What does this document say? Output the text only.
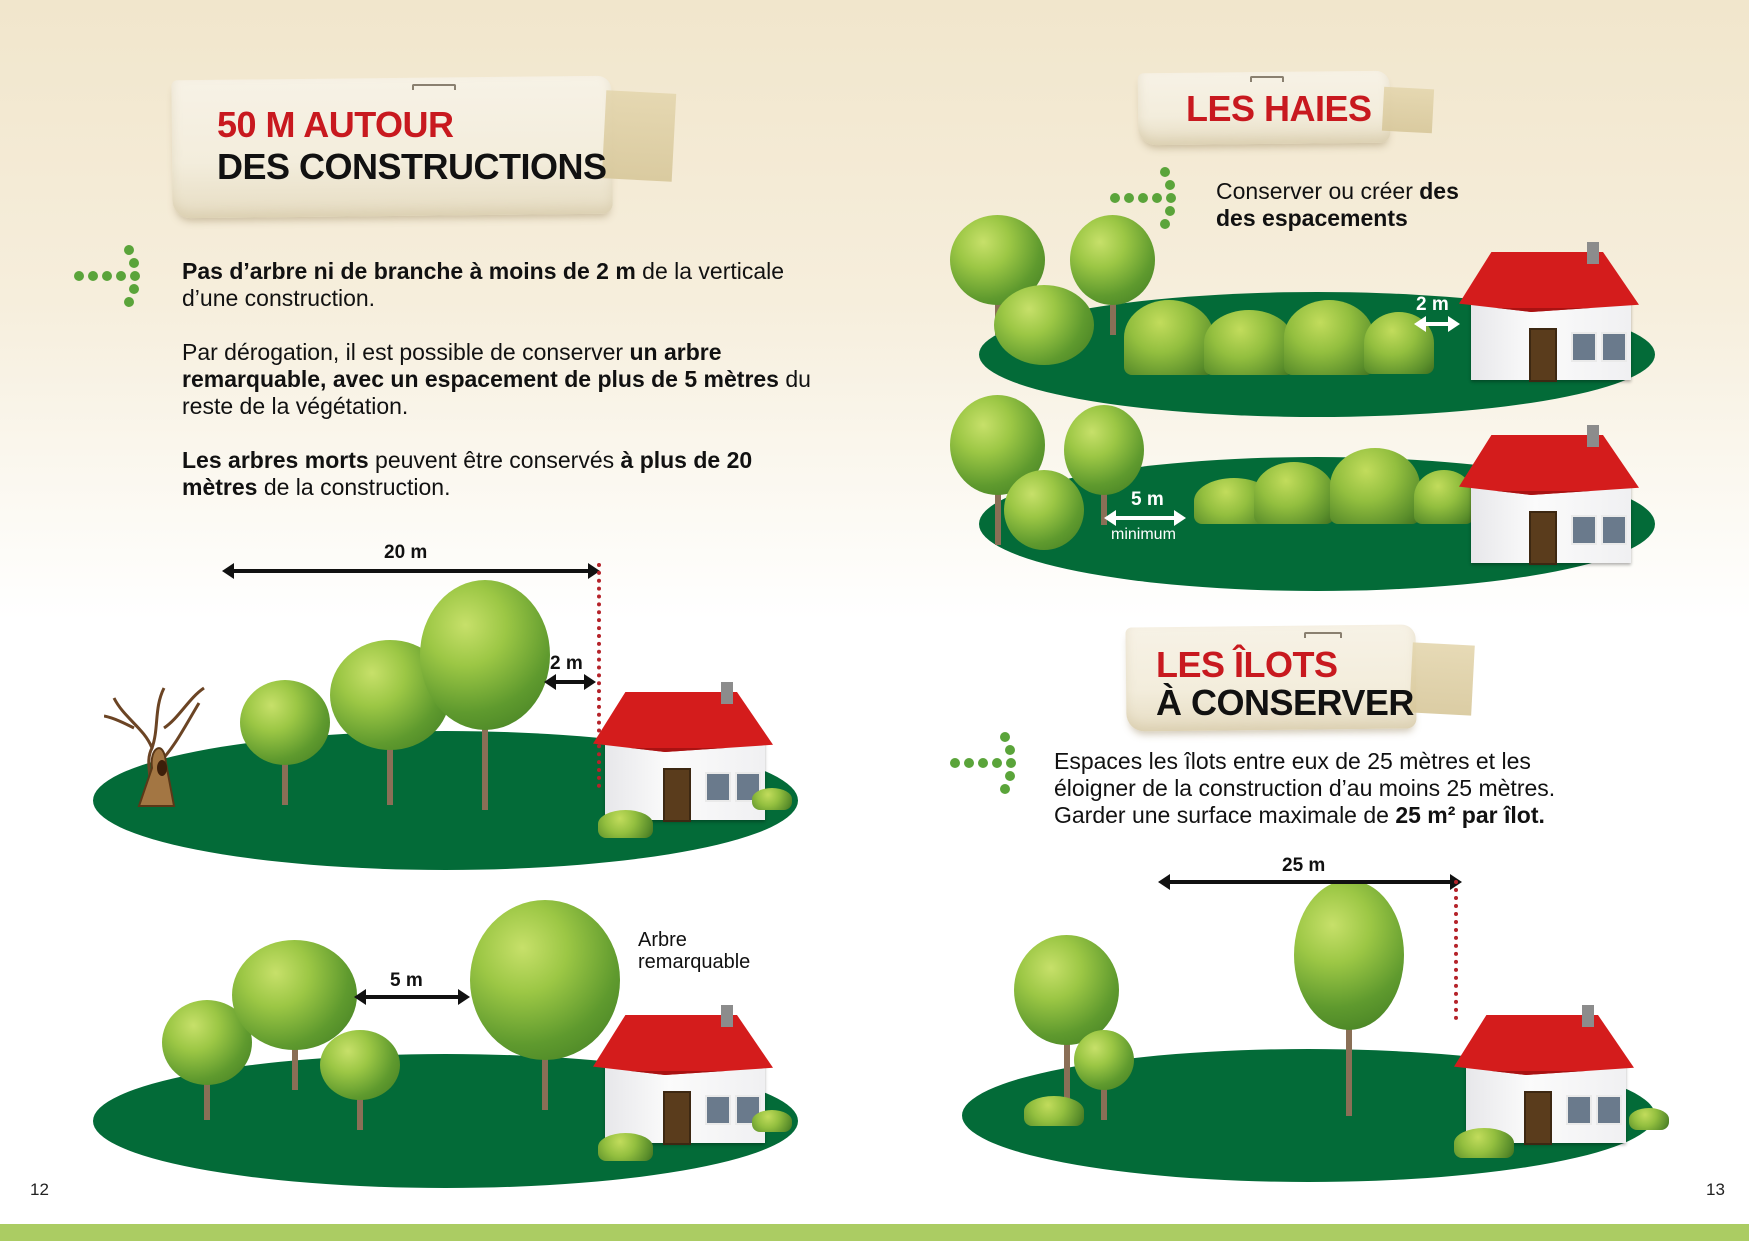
50 M AUTOUR
DES CONSTRUCTIONS

Pas d’arbre ni de branche à moins de 2 m de la verticale d’une construction.

Par dérogation, il est possible de conserver un arbre remarquable, avec un espacement de plus de 5 mètres du reste de la végétation.

Les arbres morts peuvent être conservés à plus de 20 mètres de la construction.

20 m
2 m
5 m
Arbre
remarquable
12
LES HAIES
Conserver ou créer des
des espacements
2 m
5 m
minimum
LES ÎLOTS
À CONSERVER
Espaces les îlots entre eux de 25 mètres et les
éloigner de la construction d’au moins 25 mètres.
Garder une surface maximale de 25 m² par îlot.
25 m
13
